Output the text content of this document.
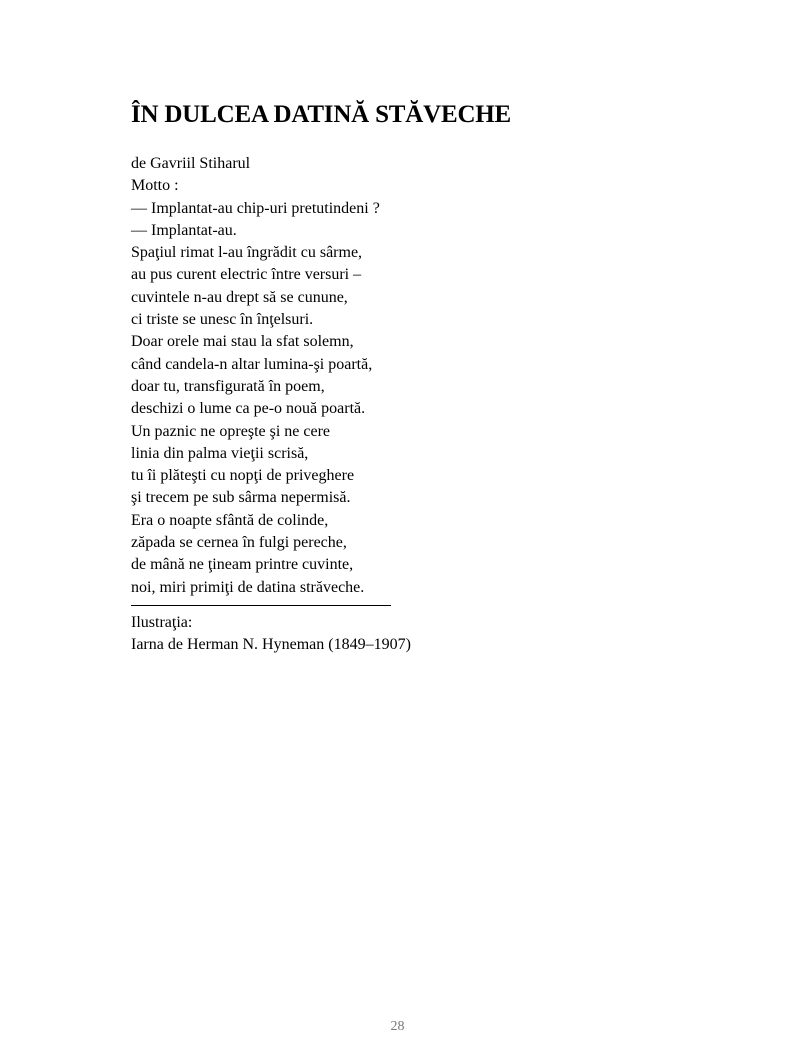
ÎN DULCEA DATINĂ STĂVECHE
de Gavriil Stiharul
Motto :
— Implantat-au chip-uri pretutindeni ?
— Implantat-au.
Spaţiul rimat l-au îngrădit cu sârme,
au pus curent electric între versuri –
cuvintele n-au drept să se cunune,
ci triste se unesc în înţelsuri.
Doar orele mai stau la sfat solemn,
când candela-n altar lumina-şi poartă,
doar tu, transfigurată în poem,
deschizi o lume ca pe-o nouă poartă.
Un paznic ne opreşte şi ne cere
linia din palma vieţii scrisă,
tu îi plăteşti cu nopţi de priveghere
şi trecem pe sub sârma nepermisă.
Era o noapte sfântă de colinde,
zăpada se cernea în fulgi pereche,
de mână ne ţineam printre cuvinte,
noi, miri primiţi de datina străveche.
Ilustraţia:
Iarna de Herman N. Hyneman (1849–1907)
28
